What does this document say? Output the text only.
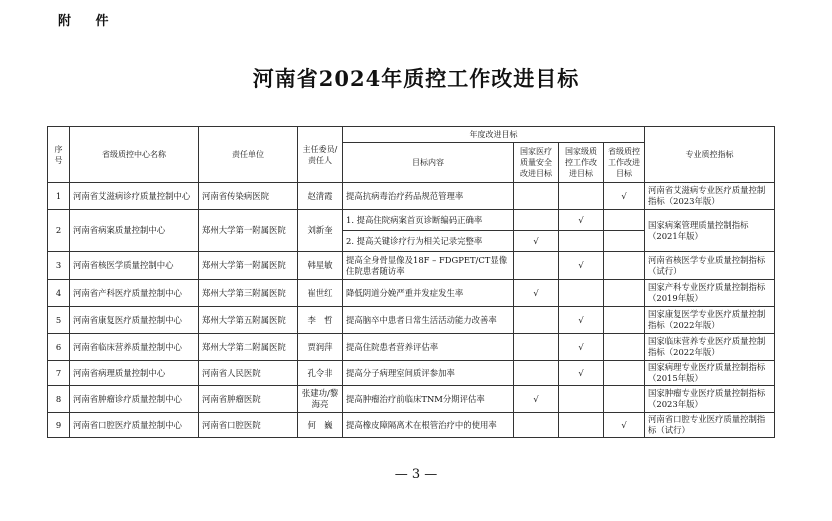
附 件
河南省2024年质控工作改进目标
序号	省级质控中心名称	责任单位	主任委员/责任人	年度改进目标				专业质控指标
				目标内容	国家医疗质量安全改进目标	国家级质控工作改进目标	省级质控工作改进目标	
1	河南省艾滋病诊疗质量控制中心	河南省传染病医院	赵清霞	提高抗病毒治疗药品规范管理率			√	河南省艾滋病专业医疗质量控制指标（2023年版）
2	河南省病案质量控制中心	郑州大学第一附属医院	刘新奎	1. 提高住院病案首页诊断编码正确率		√		国家病案管理质量控制指标（2021年版）
				2. 提高关键诊疗行为相关记录完整率	√			
3	河南省核医学质量控制中心	郑州大学第一附属医院	韩星敏	提高全身骨显像及18F – FDGPET/CT显像住院患者随访率		√		河南省核医学专业质量控制指标（试行）
4	河南省产科医疗质量控制中心	郑州大学第三附属医院	崔世红	降低阴道分娩严重并发症发生率	√			国家产科专业医疗质量控制指标（2019年版）
5	河南省康复医疗质量控制中心	郑州大学第五附属医院	李　哲	提高脑卒中患者日常生活活动能力改善率		√		国家康复医学专业医疗质量控制指标（2022年版）
6	河南省临床营养质量控制中心	郑州大学第二附属医院	贾润萍	提高住院患者营养评估率		√		国家临床营养专业医疗质量控制指标（2022年版）
7	河南省病理质量控制中心	河南省人民医院	孔令非	提高分子病理室间质评参加率		√		国家病理专业医疗质量控制指标（2015年版）
8	河南省肿瘤诊疗质量控制中心	河南省肿瘤医院	张建功/黎海亮	提高肿瘤治疗前临床TNM分期评估率	√			国家肿瘤专业医疗质量控制指标（2023年版）
9	河南省口腔医疗质量控制中心	河南省口腔医院	何　巍	提高橡皮障隔离术在根管治疗中的使用率			√	河南省口腔专业医疗质量控制指标（试行）
— 3 —
